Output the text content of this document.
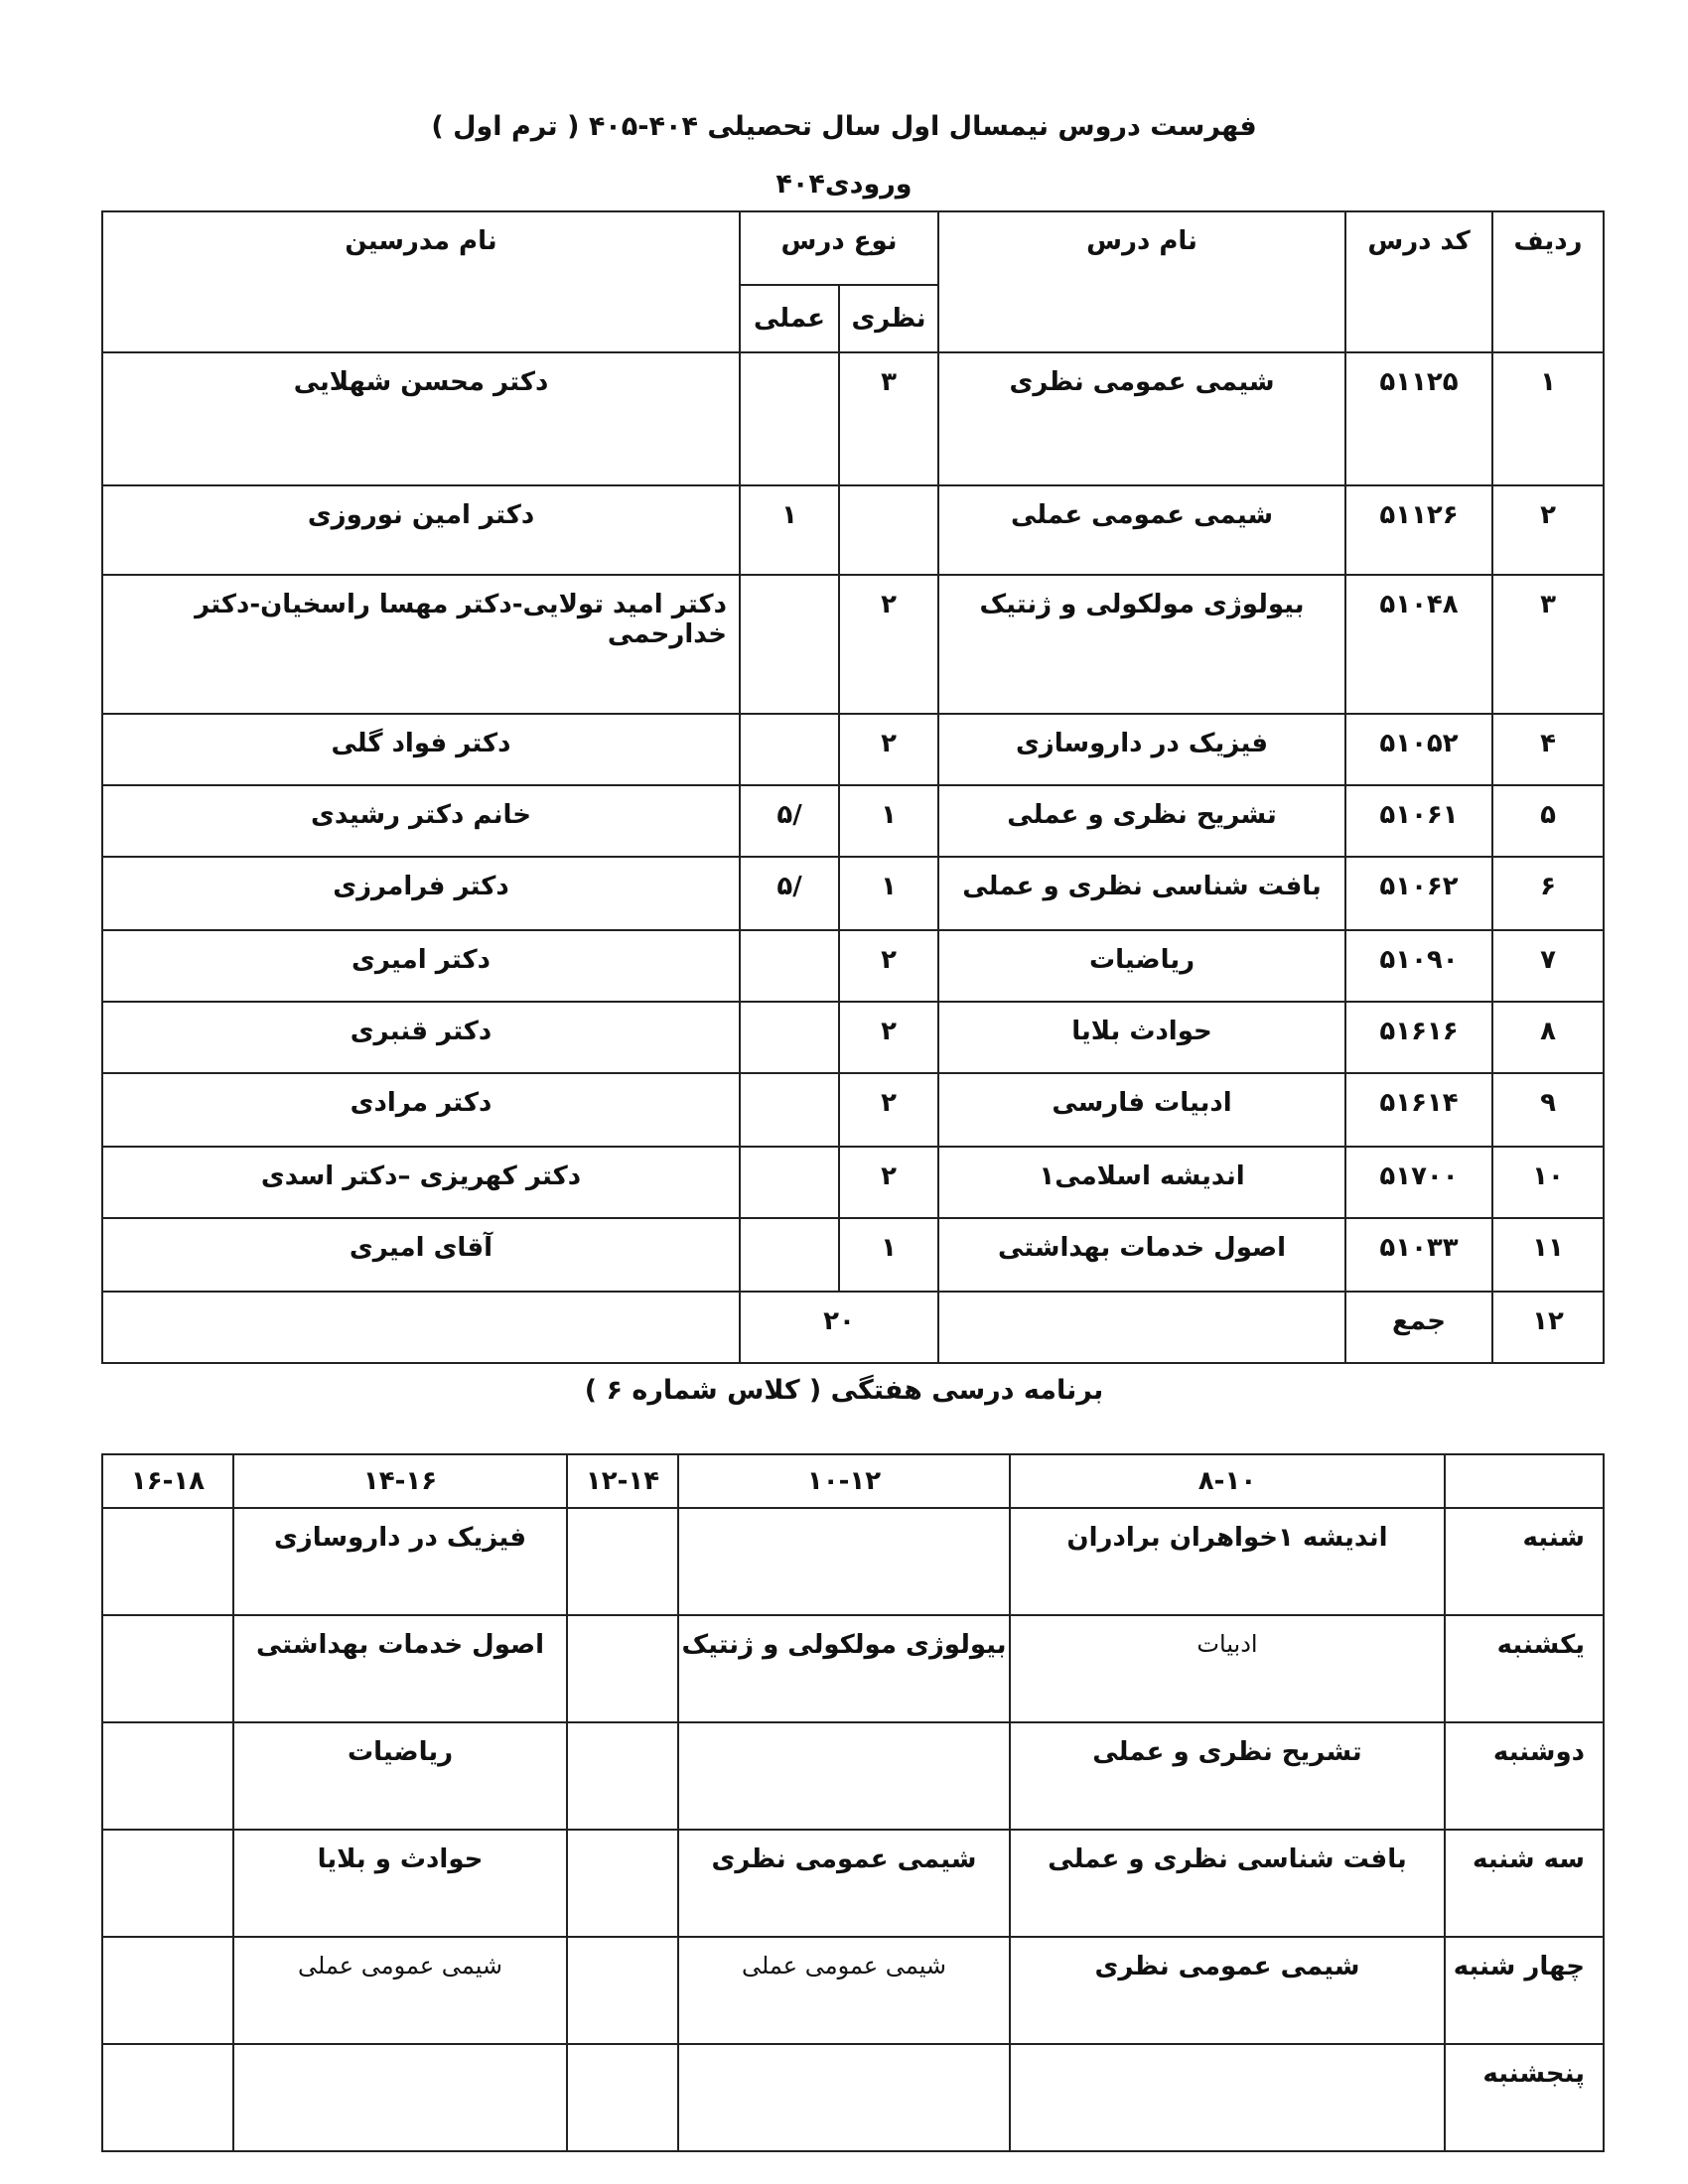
فهرست دروس نیمسال اول سال تحصیلی ۴۰۴-۴۰۵ ( ترم اول )
ورودی۴۰۴
ردیف	کد درس	نام درس	نوع درس		نام مدرسین
			نظری	عملی	
۱	۵۱۱۲۵	شیمی عمومی نظری	۳		دکتر محسن شهلایی
۲	۵۱۱۲۶	شیمی عمومی عملی		۱	دکتر امین نوروزی
۳	۵۱۰۴۸	بیولوژی مولکولی و ژنتیک	۲		دکتر امید تولایی-دکتر مهسا راسخیان-دکتر خدارحمی
۴	۵۱۰۵۲	فیزیک در داروسازی	۲		دکتر فواد گلی
۵	۵۱۰۶۱	تشریح نظری و عملی	۱	/۵	خانم دکتر رشیدی
۶	۵۱۰۶۲	بافت شناسی نظری و عملی	۱	/۵	دکتر فرامرزی
۷	۵۱۰۹۰	ریاضیات	۲		دکتر امیری
۸	۵۱۶۱۶	حوادث بلایا	۲		دکتر قنبری
۹	۵۱۶۱۴	ادبیات فارسی	۲		دکتر مرادی
۱۰	۵۱۷۰۰	اندیشه اسلامی۱	۲		دکتر کهریزی –دکتر اسدی
۱۱	۵۱۰۳۳	اصول خدمات بهداشتی	۱		آقای امیری
۱۲	جمع		۲۰		
برنامه درسی هفتگی ( کلاس شماره ۶ )
	۸-۱۰	۱۰-۱۲	۱۲-۱۴	۱۴-۱۶	۱۶-۱۸
شنبه	اندیشه ۱خواهران برادران			فیزیک در داروسازی	
یکشنبه	ادبیات	بیولوژی مولکولی و ژنتیک		اصول خدمات بهداشتی	
دوشنبه	تشریح نظری و عملی			ریاضیات	
سه شنبه	بافت شناسی نظری و عملی	شیمی عمومی نظری		حوادث و بلایا	
چهار شنبه	شیمی عمومی نظری	شیمی عمومی عملی		شیمی عمومی عملی	
پنجشنبه					
